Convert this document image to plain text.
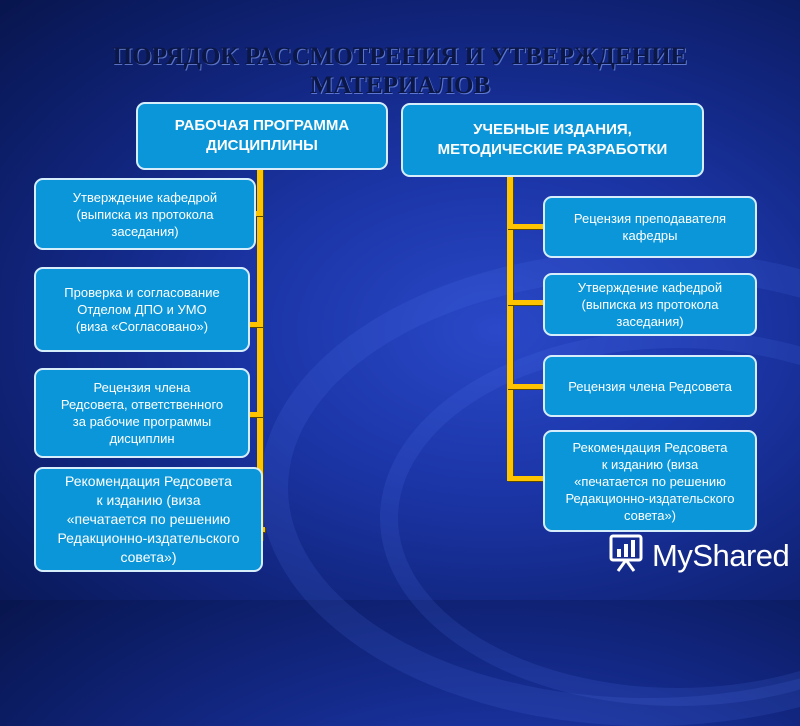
ПОРЯДОК РАССМОТРЕНИЯ И УТВЕРЖДЕНИЕ
МАТЕРИАЛОВ
РАБОЧАЯ ПРОГРАММА
ДИСЦИПЛИНЫ
Утверждение кафедрой
(выписка из протокола
заседания)
Проверка и согласование
Отделом ДПО и УМО
(виза «Согласовано»)
Рецензия члена
Редсовета, ответственного
за рабочие программы
дисциплин
Рекомендация Редсовета
к изданию (виза
«печатается по решению
Редакционно-издательского
совета»)
УЧЕБНЫЕ ИЗДАНИЯ,
МЕТОДИЧЕСКИЕ РАЗРАБОТКИ
Рецензия преподавателя
кафедры
Утверждение кафедрой
(выписка из протокола
заседания)
Рецензия члена Редсовета
Рекомендация Редсовета
к изданию (виза
«печатается по решению
Редакционно-издательского
совета»)
MyShared
